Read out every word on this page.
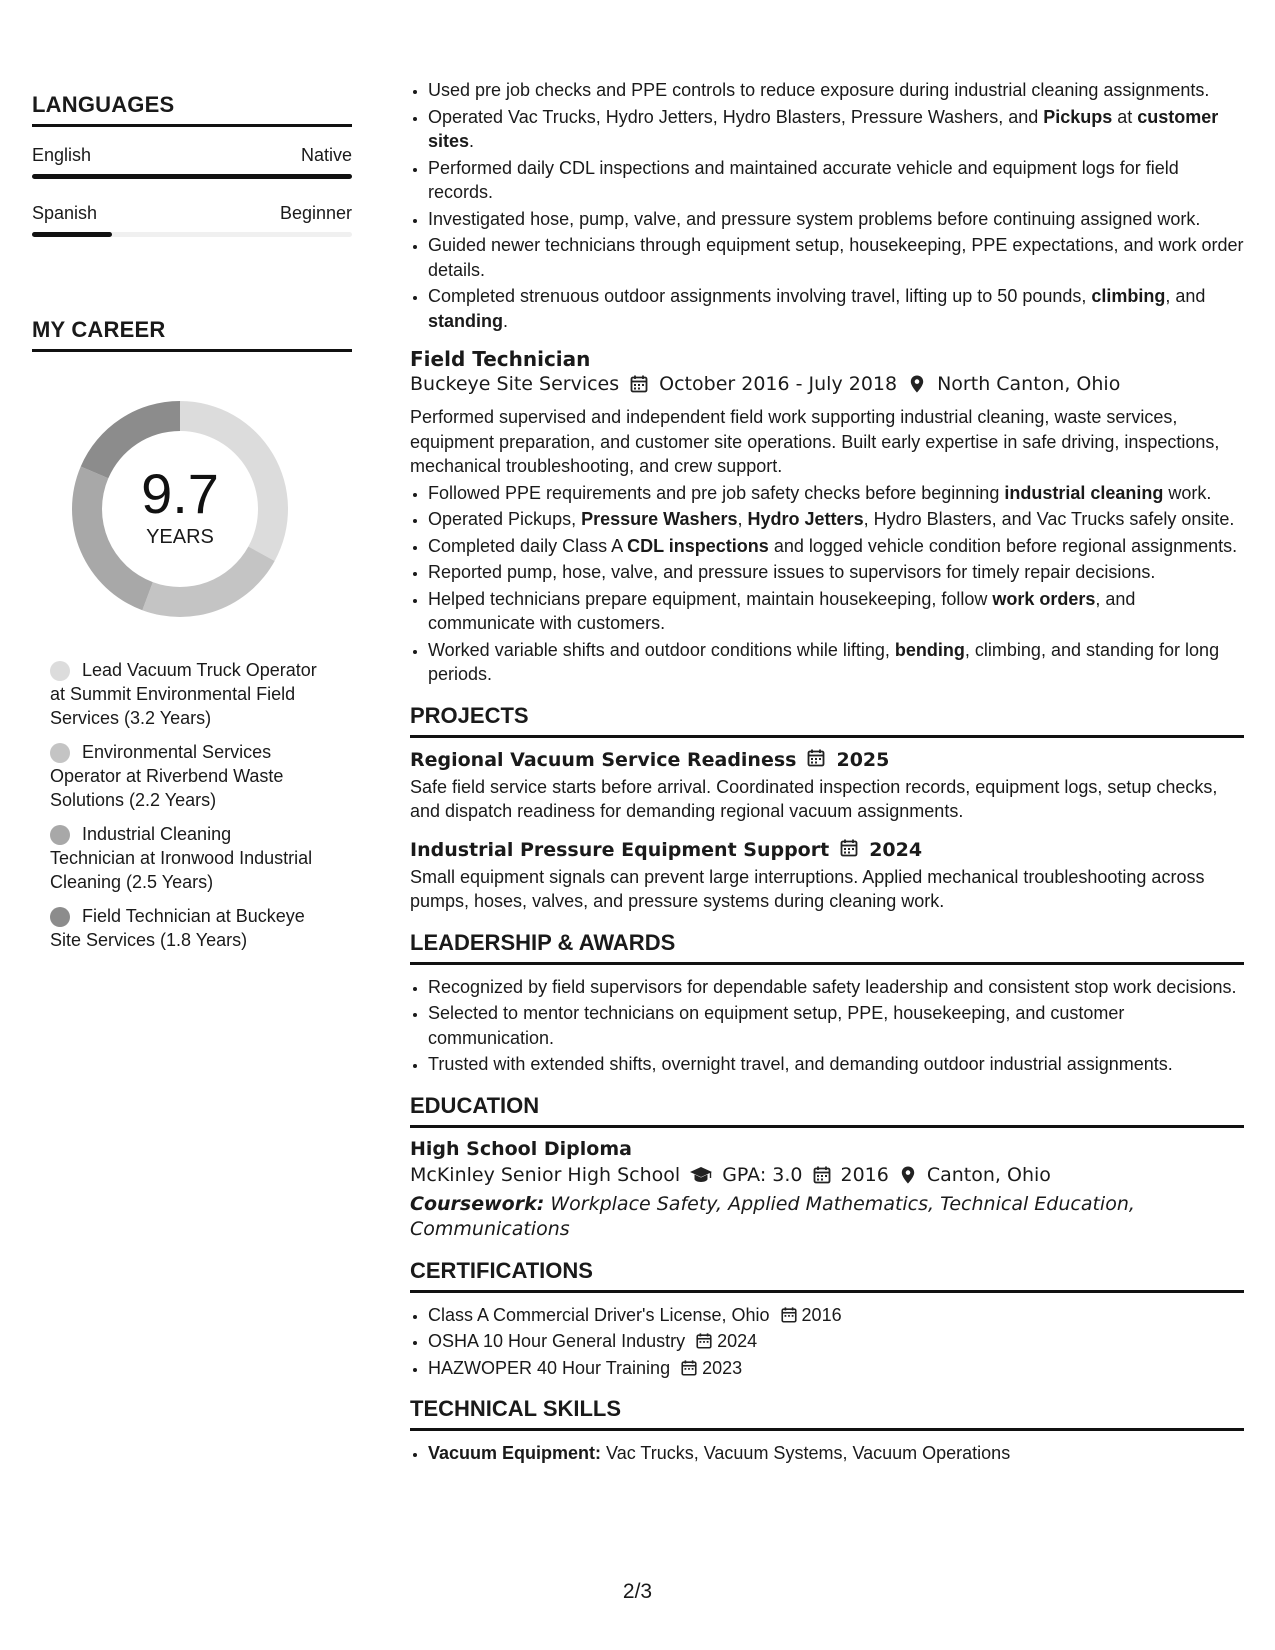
LANGUAGES
English	Native
Spanish	Beginner
MY CAREER
9.7
YEARS
Lead Vacuum Truck Operator at Summit Environmental Field Services (3.2 Years)
Environmental Services Operator at Riverbend Waste Solutions (2.2 Years)
Industrial Cleaning Technician at Ironwood Industrial Cleaning (2.5 Years)
Field Technician at Buckeye Site Services (1.8 Years)
• Used pre job checks and PPE controls to reduce exposure during industrial cleaning assignments.
• Operated Vac Trucks, Hydro Jetters, Hydro Blasters, Pressure Washers, and Pickups at customer sites.
• Performed daily CDL inspections and maintained accurate vehicle and equipment logs for field records.
• Investigated hose, pump, valve, and pressure system problems before continuing assigned work.
• Guided newer technicians through equipment setup, housekeeping, PPE expectations, and work order details.
• Completed strenuous outdoor assignments involving travel, lifting up to 50 pounds, climbing, and standing.
Field Technician
Buckeye Site Services October 2016 - July 2018 North Canton, Ohio

Performed supervised and independent field work supporting industrial cleaning, waste services, equipment preparation, and customer site operations. Built early expertise in safe driving, inspections, mechanical troubleshooting, and crew support.

• Followed PPE requirements and pre job safety checks before beginning industrial cleaning work.
• Operated Pickups, Pressure Washers, Hydro Jetters, Hydro Blasters, and Vac Trucks safely onsite.
• Completed daily Class A CDL inspections and logged vehicle condition before regional assignments.
• Reported pump, hose, valve, and pressure issues to supervisors for timely repair decisions.
• Helped technicians prepare equipment, maintain housekeeping, follow work orders, and communicate with customers.
• Worked variable shifts and outdoor conditions while lifting, bending, climbing, and standing for long periods.
PROJECTS
Regional Vacuum Service Readiness 2025

Safe field service starts before arrival. Coordinated inspection records, equipment logs, setup checks, and dispatch readiness for demanding regional vacuum assignments.

Industrial Pressure Equipment Support 2024

Small equipment signals can prevent large interruptions. Applied mechanical troubleshooting across pumps, hoses, valves, and pressure systems during cleaning work.

LEADERSHIP & AWARDS
• Recognized by field supervisors for dependable safety leadership and consistent stop work decisions.
• Selected to mentor technicians on equipment setup, PPE, housekeeping, and customer communication.
• Trusted with extended shifts, overnight travel, and demanding outdoor industrial assignments.
EDUCATION
High School Diploma
McKinley Senior High School GPA: 3.0 2016 Canton, Ohio
Coursework: Workplace Safety, Applied Mathematics, Technical Education, Communications
CERTIFICATIONS
• Class A Commercial Driver's License, Ohio 2016
• OSHA 10 Hour General Industry 2024
• HAZWOPER 40 Hour Training 2023
TECHNICAL SKILLS
• Vacuum Equipment: Vac Trucks, Vacuum Systems, Vacuum Operations
2/3
